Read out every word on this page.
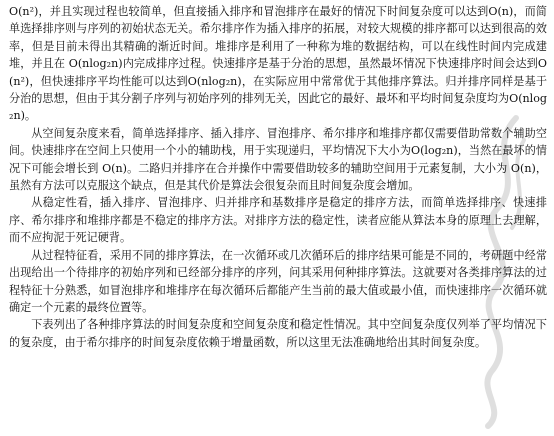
O(n²)，并且实现过程也较简单，但直接插入排序和冒泡排序在最好的情况下时间复杂度可以达到O(n)，而简单选择排序则与序列的初始状态无关。希尔排序作为插入排序的拓展，对较大规模的排序都可以达到很高的效率，但是目前未得出其精确的渐近时间。堆排序是利用了一种称为堆的数据结构，可以在线性时间内完成建堆，并且在 O(nlog₂n)内完成排序过程。快速排序是基于分治的思想，虽然最坏情况下快速排序时间会达到O(n²)，但快速排序平均性能可以达到O(nlog₂n)，在实际应用中常常优于其他排序算法。归并排序同样是基于分治的思想，但由于其分割子序列与初始序列的排列无关，因此它的最好、最坏和平均时间复杂度均为O(nlog₂n)。

从空间复杂度来看，简单选择排序、插入排序、冒泡排序、希尔排序和堆排序都仅需要借助常数个辅助空间。快速排序在空间上只使用一个小的辅助栈，用于实现递归，平均情况下大小为O(log₂n)，当然在最坏的情况下可能会增长到 O(n)。二路归并排序在合并操作中需要借助较多的辅助空间用于元素复制，大小为 O(n)，虽然有方法可以克服这个缺点，但是其代价是算法会很复杂而且时间复杂度会增加。

从稳定性看，插入排序、冒泡排序、归并排序和基数排序是稳定的排序方法，而简单选择排序、快速排序、希尔排序和堆排序都是不稳定的排序方法。对排序方法的稳定性，读者应能从算法本身的原理上去理解，而不应拘泥于死记硬背。

从过程特征看，采用不同的排序算法，在一次循环或几次循环后的排序结果可能是不同的，考研题中经常出现给出一个待排序的初始序列和已经部分排序的序列，问其采用何种排序算法。这就要对各类排序算法的过程特征十分熟悉，如冒泡排序和堆排序在每次循环后都能产生当前的最大值或最小值，而快速排序一次循环就确定一个元素的最终位置等。

下表列出了各种排序算法的时间复杂度和空间复杂度和稳定性情况。其中空间复杂度仅列举了平均情况下的复杂度，由于希尔排序的时间复杂度依赖于增量函数，所以这里无法准确地给出其时间复杂度。
